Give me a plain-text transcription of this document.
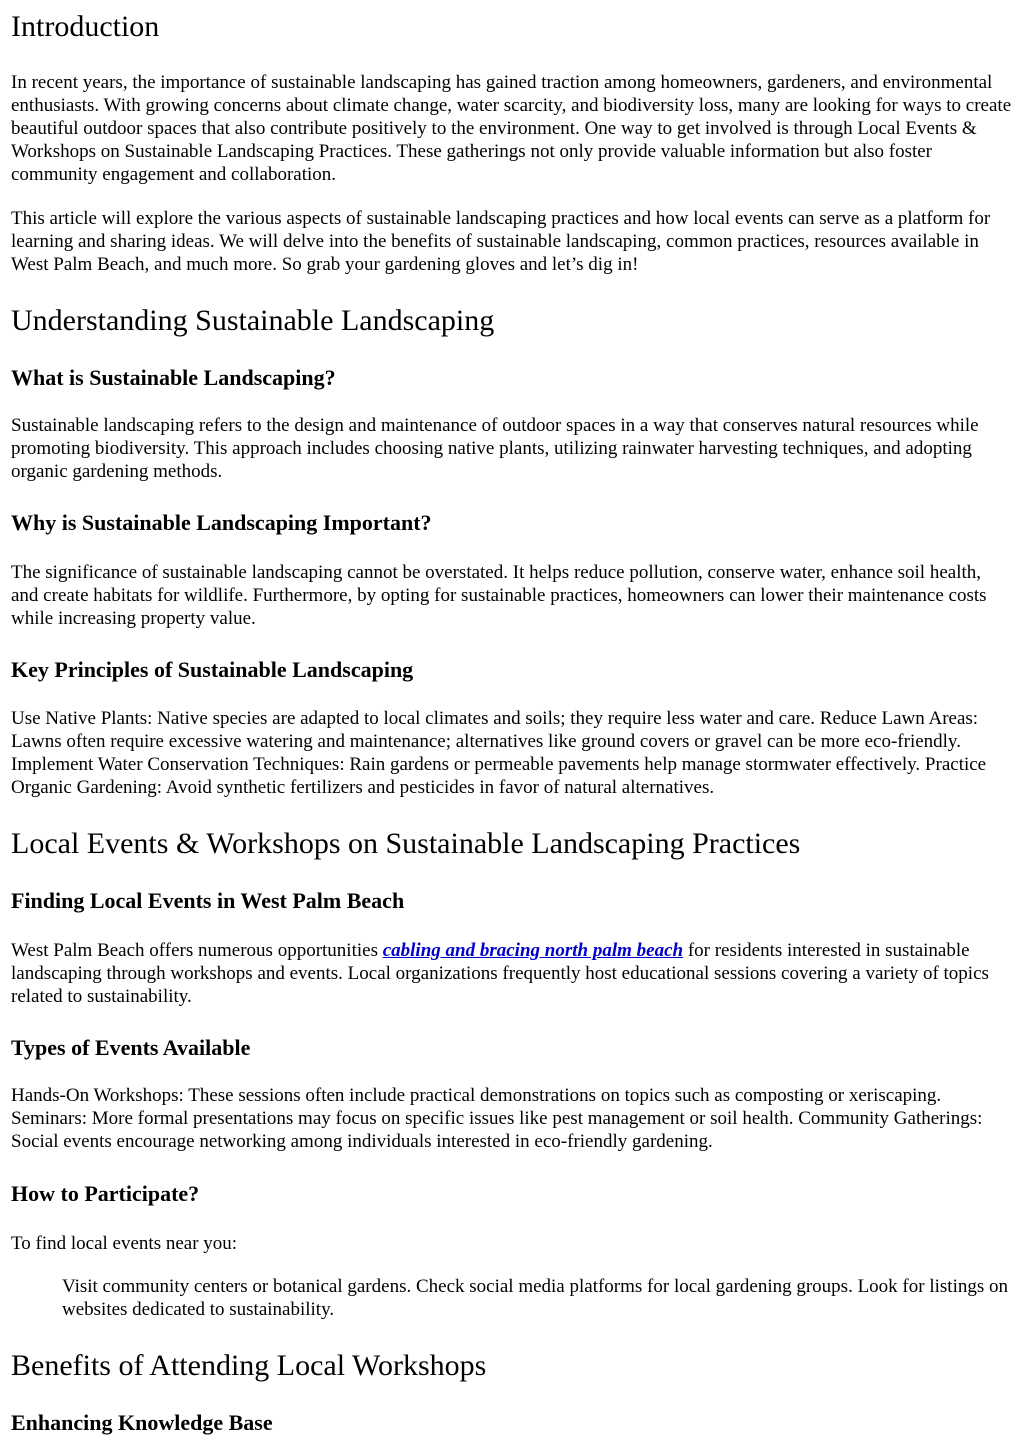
Introduction

In recent years, the importance of sustainable landscaping has gained traction among homeowners, gardeners, and environmental enthusiasts. With growing concerns about climate change, water scarcity, and biodiversity loss, many are looking for ways to create beautiful outdoor spaces that also contribute positively to the environment. One way to get involved is through Local Events & Workshops on Sustainable Landscaping Practices. These gatherings not only provide valuable information but also foster community engagement and collaboration.

This article will explore the various aspects of sustainable landscaping practices and how local events can serve as a platform for learning and sharing ideas. We will delve into the benefits of sustainable landscaping, common practices, resources available in West Palm Beach, and much more. So grab your gardening gloves and let’s dig in!

Understanding Sustainable Landscaping
What is Sustainable Landscaping?

Sustainable landscaping refers to the design and maintenance of outdoor spaces in a way that conserves natural resources while promoting biodiversity. This approach includes choosing native plants, utilizing rainwater harvesting techniques, and adopting organic gardening methods.

Why is Sustainable Landscaping Important?

The significance of sustainable landscaping cannot be overstated. It helps reduce pollution, conserve water, enhance soil health, and create habitats for wildlife. Furthermore, by opting for sustainable practices, homeowners can lower their maintenance costs while increasing property value.

Key Principles of Sustainable Landscaping

Use Native Plants: Native species are adapted to local climates and soils; they require less water and care. Reduce Lawn Areas: Lawns often require excessive watering and maintenance; alternatives like ground covers or gravel can be more eco-friendly. Implement Water Conservation Techniques: Rain gardens or permeable pavements help manage stormwater effectively. Practice Organic Gardening: Avoid synthetic fertilizers and pesticides in favor of natural alternatives.

Local Events & Workshops on Sustainable Landscaping Practices
Finding Local Events in West Palm Beach

West Palm Beach offers numerous opportunities cabling and bracing north palm beach for residents interested in sustainable landscaping through workshops and events. Local organizations frequently host educational sessions covering a variety of topics related to sustainability.

Types of Events Available

Hands-On Workshops: These sessions often include practical demonstrations on topics such as composting or xeriscaping. Seminars: More formal presentations may focus on specific issues like pest management or soil health. Community Gatherings: Social events encourage networking among individuals interested in eco-friendly gardening.

How to Participate?

To find local events near you:

Visit community centers or botanical gardens. Check social media platforms for local gardening groups. Look for listings on websites dedicated to sustainability.
Benefits of Attending Local Workshops
Enhancing Knowledge Base
